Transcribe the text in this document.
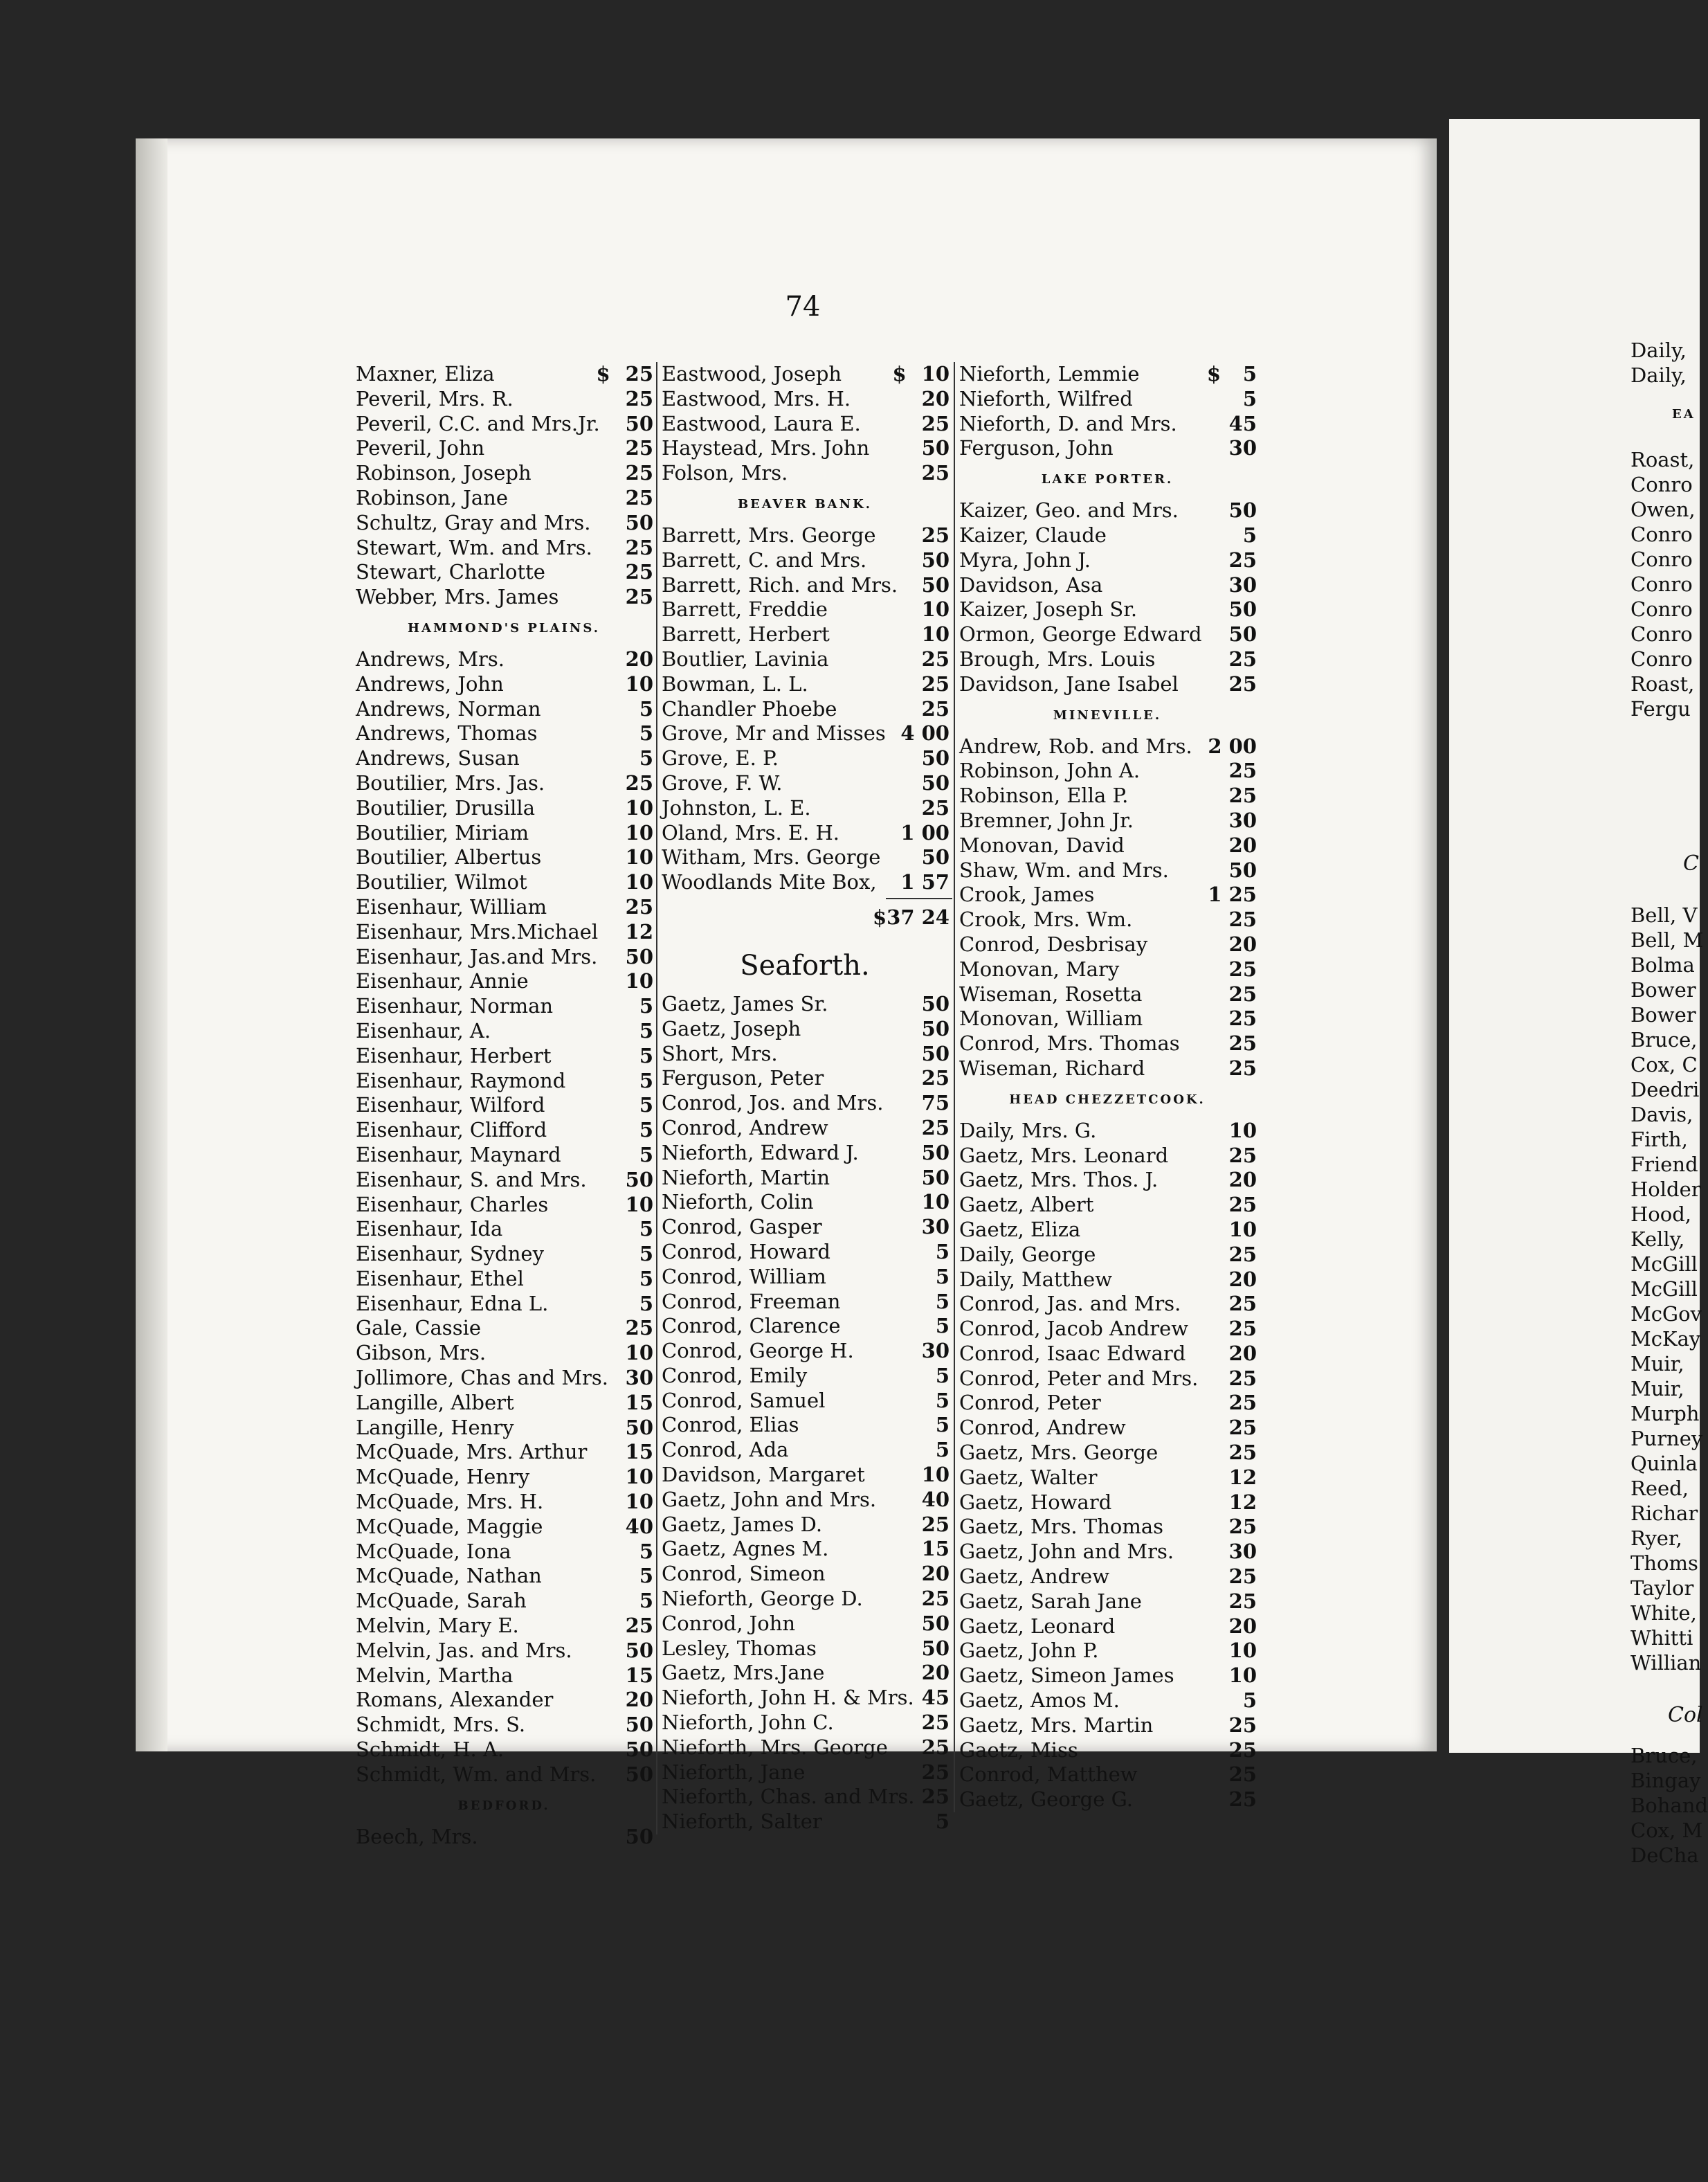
74
Maxner, Eliza	$ 25
Peveril, Mrs. R.	25
Peveril, C.C. and Mrs.Jr. 50
Peveril, John	25
Robinson, Joseph	25
Robinson, Jane	25
Schultz, Gray and Mrs. 50
Stewart, Wm. and Mrs. 25
Stewart, Charlotte	25
Webber, Mrs. James	25
HAMMOND'S PLAINS.
Andrews, Mrs.	20
Andrews, John	10
Andrews, Norman	5
Andrews, Thomas	5
Andrews, Susan	5
Boutilier, Mrs. Jas.	25
Boutilier, Drusilla	10
Boutilier, Miriam	10
Boutilier, Albertus	10
Boutilier, Wilmot	10
Eisenhaur, William	25
Eisenhaur, Mrs.Michael 12
Eisenhaur, Jas.and Mrs. 50
Eisenhaur, Annie	10
Eisenhaur, Norman	5
Eisenhaur, A.	5
Eisenhaur, Herbert	5
Eisenhaur, Raymond	5
Eisenhaur, Wilford	5
Eisenhaur, Clifford	5
Eisenhaur, Maynard	5
Eisenhaur, S. and Mrs. 50
Eisenhaur, Charles	10
Eisenhaur, Ida	5
Eisenhaur, Sydney	5
Eisenhaur, Ethel	5
Eisenhaur, Edna L.	5
Gale, Cassie	25
Gibson, Mrs.	10
Jollimore, Chas and Mrs. 30
Langille, Albert	15
Langille, Henry	50
McQuade, Mrs. Arthur 15
McQuade, Henry	10
McQuade, Mrs. H.	10
McQuade, Maggie	40
McQuade, Iona	5
McQuade, Nathan	5
McQuade, Sarah	5
Melvin, Mary E.	25
Melvin, Jas. and Mrs.	50
Melvin, Martha	15
Romans, Alexander	20
Schmidt, Mrs. S.	50
Schmidt, H. A.	50
Schmidt, Wm. and Mrs. 50
BEDFORD.
Beech, Mrs.	50
Eastwood, Joseph	$ 10
Eastwood, Mrs. H.	20
Eastwood, Laura E.	25
Haystead, Mrs. John	50
Folson, Mrs.	25
BEAVER BANK.
Barrett, Mrs. George 25
Barrett, C. and Mrs.	50
Barrett, Rich. and Mrs. 50
Barrett, Freddie	10
Barrett, Herbert	10
Boutlier, Lavinia	25
Bowman, L. L.	25
Chandler Phoebe	25
Grove, Mr and Misses 4 00
Grove, E. P.	50
Grove, F. W.	50
Johnston, L. E.	25
Oland, Mrs. E. H.	1 00
Witham, Mrs. George 50
Woodlands Mite Box, 1 57
$37 24
Seaforth.
Gaetz, James Sr.	50
Gaetz, Joseph	50
Short, Mrs.	50
Ferguson, Peter	25
Conrod, Jos. and Mrs. 75
Conrod, Andrew	25
Nieforth, Edward J.	50
Nieforth, Martin	50
Nieforth, Colin	10
Conrod, Gasper	30
Conrod, Howard	5
Conrod, William	5
Conrod, Freeman	5
Conrod, Clarence	5
Conrod, George H.	30
Conrod, Emily	5
Conrod, Samuel	5
Conrod, Elias	5
Conrod, Ada	5
Davidson, Margaret	10
Gaetz, John and Mrs. 40
Gaetz, James D.	25
Gaetz, Agnes M.	15
Conrod, Simeon	20
Nieforth, George D.	25
Conrod, John	50
Lesley, Thomas	50
Gaetz, Mrs.Jane	20
Nieforth, John H. & Mrs. 45
Nieforth, John C.	25
Nieforth, Mrs. George 25
Nieforth, Jane	25
Nieforth, Chas. and Mrs. 25
Nieforth, Salter	5
Nieforth, Lemmie	$	5
Nieforth, Wilfred	5
Nieforth, D. and Mrs.	45
Ferguson, John	30
LAKE PORTER.
Kaizer, Geo. and Mrs.	50
Kaizer, Claude	5
Myra, John J.	25
Davidson, Asa	30
Kaizer, Joseph Sr.	50
Ormon, George Edward 50
Brough, Mrs. Louis	25
Davidson, Jane Isabel	25
MINEVILLE.
Andrew, Rob. and Mrs. 2 00
Robinson, John A.	25
Robinson, Ella P.	25
Bremner, John Jr.	30
Monovan, David	20
Shaw, Wm. and Mrs.	50
Crook, James	1 25
Crook, Mrs. Wm.	25
Conrod, Desbrisay	20
Monovan, Mary	25
Wiseman, Rosetta	25
Monovan, William	25
Conrod, Mrs. Thomas 25
Wiseman, Richard	25
HEAD CHEZZETCOOK.
Daily, Mrs. G.	10
Gaetz, Mrs. Leonard	25
Gaetz, Mrs. Thos. J.	20
Gaetz, Albert	25
Gaetz, Eliza	10
Daily, George	25
Daily, Matthew	20
Conrod, Jas. and Mrs. 25
Conrod, Jacob Andrew 25
Conrod, Isaac Edward 20
Conrod, Peter and Mrs. 25
Conrod, Peter	25
Conrod, Andrew	25
Gaetz, Mrs. George	25
Gaetz, Walter	12
Gaetz, Howard	12
Gaetz, Mrs. Thomas	25
Gaetz, John and Mrs.	30
Gaetz, Andrew	25
Gaetz, Sarah Jane	25
Gaetz, Leonard	20
Gaetz, John P.	10
Gaetz, Simeon James	10
Gaetz, Amos M.	5
Gaetz, Mrs. Martin	25
Gaetz, Miss	25
Conrod, Matthew	25
Gaetz, George G.	25
Daily,
Daily,
EA
Roast,
Conro
Owen,
Conro
Conro
Conro
Conro
Conro
Conro
Roast,
Fergu
C
Bell, V
Bell, M
Bolma
Bower
Bower
Bruce,
Cox, C
Deedri
Davis,
Firth,
Friend
Holder
Hood,
Kelly,
McGill
McGill
McGov
McKay
Muir,
Muir,
Murph
Purney
Quinla
Reed,
Richar
Ryer,
Thoms
Taylor
White,
Whitti
Willian
Col
Bruce,
Bingay
Bohand
Cox, M
DeCha
